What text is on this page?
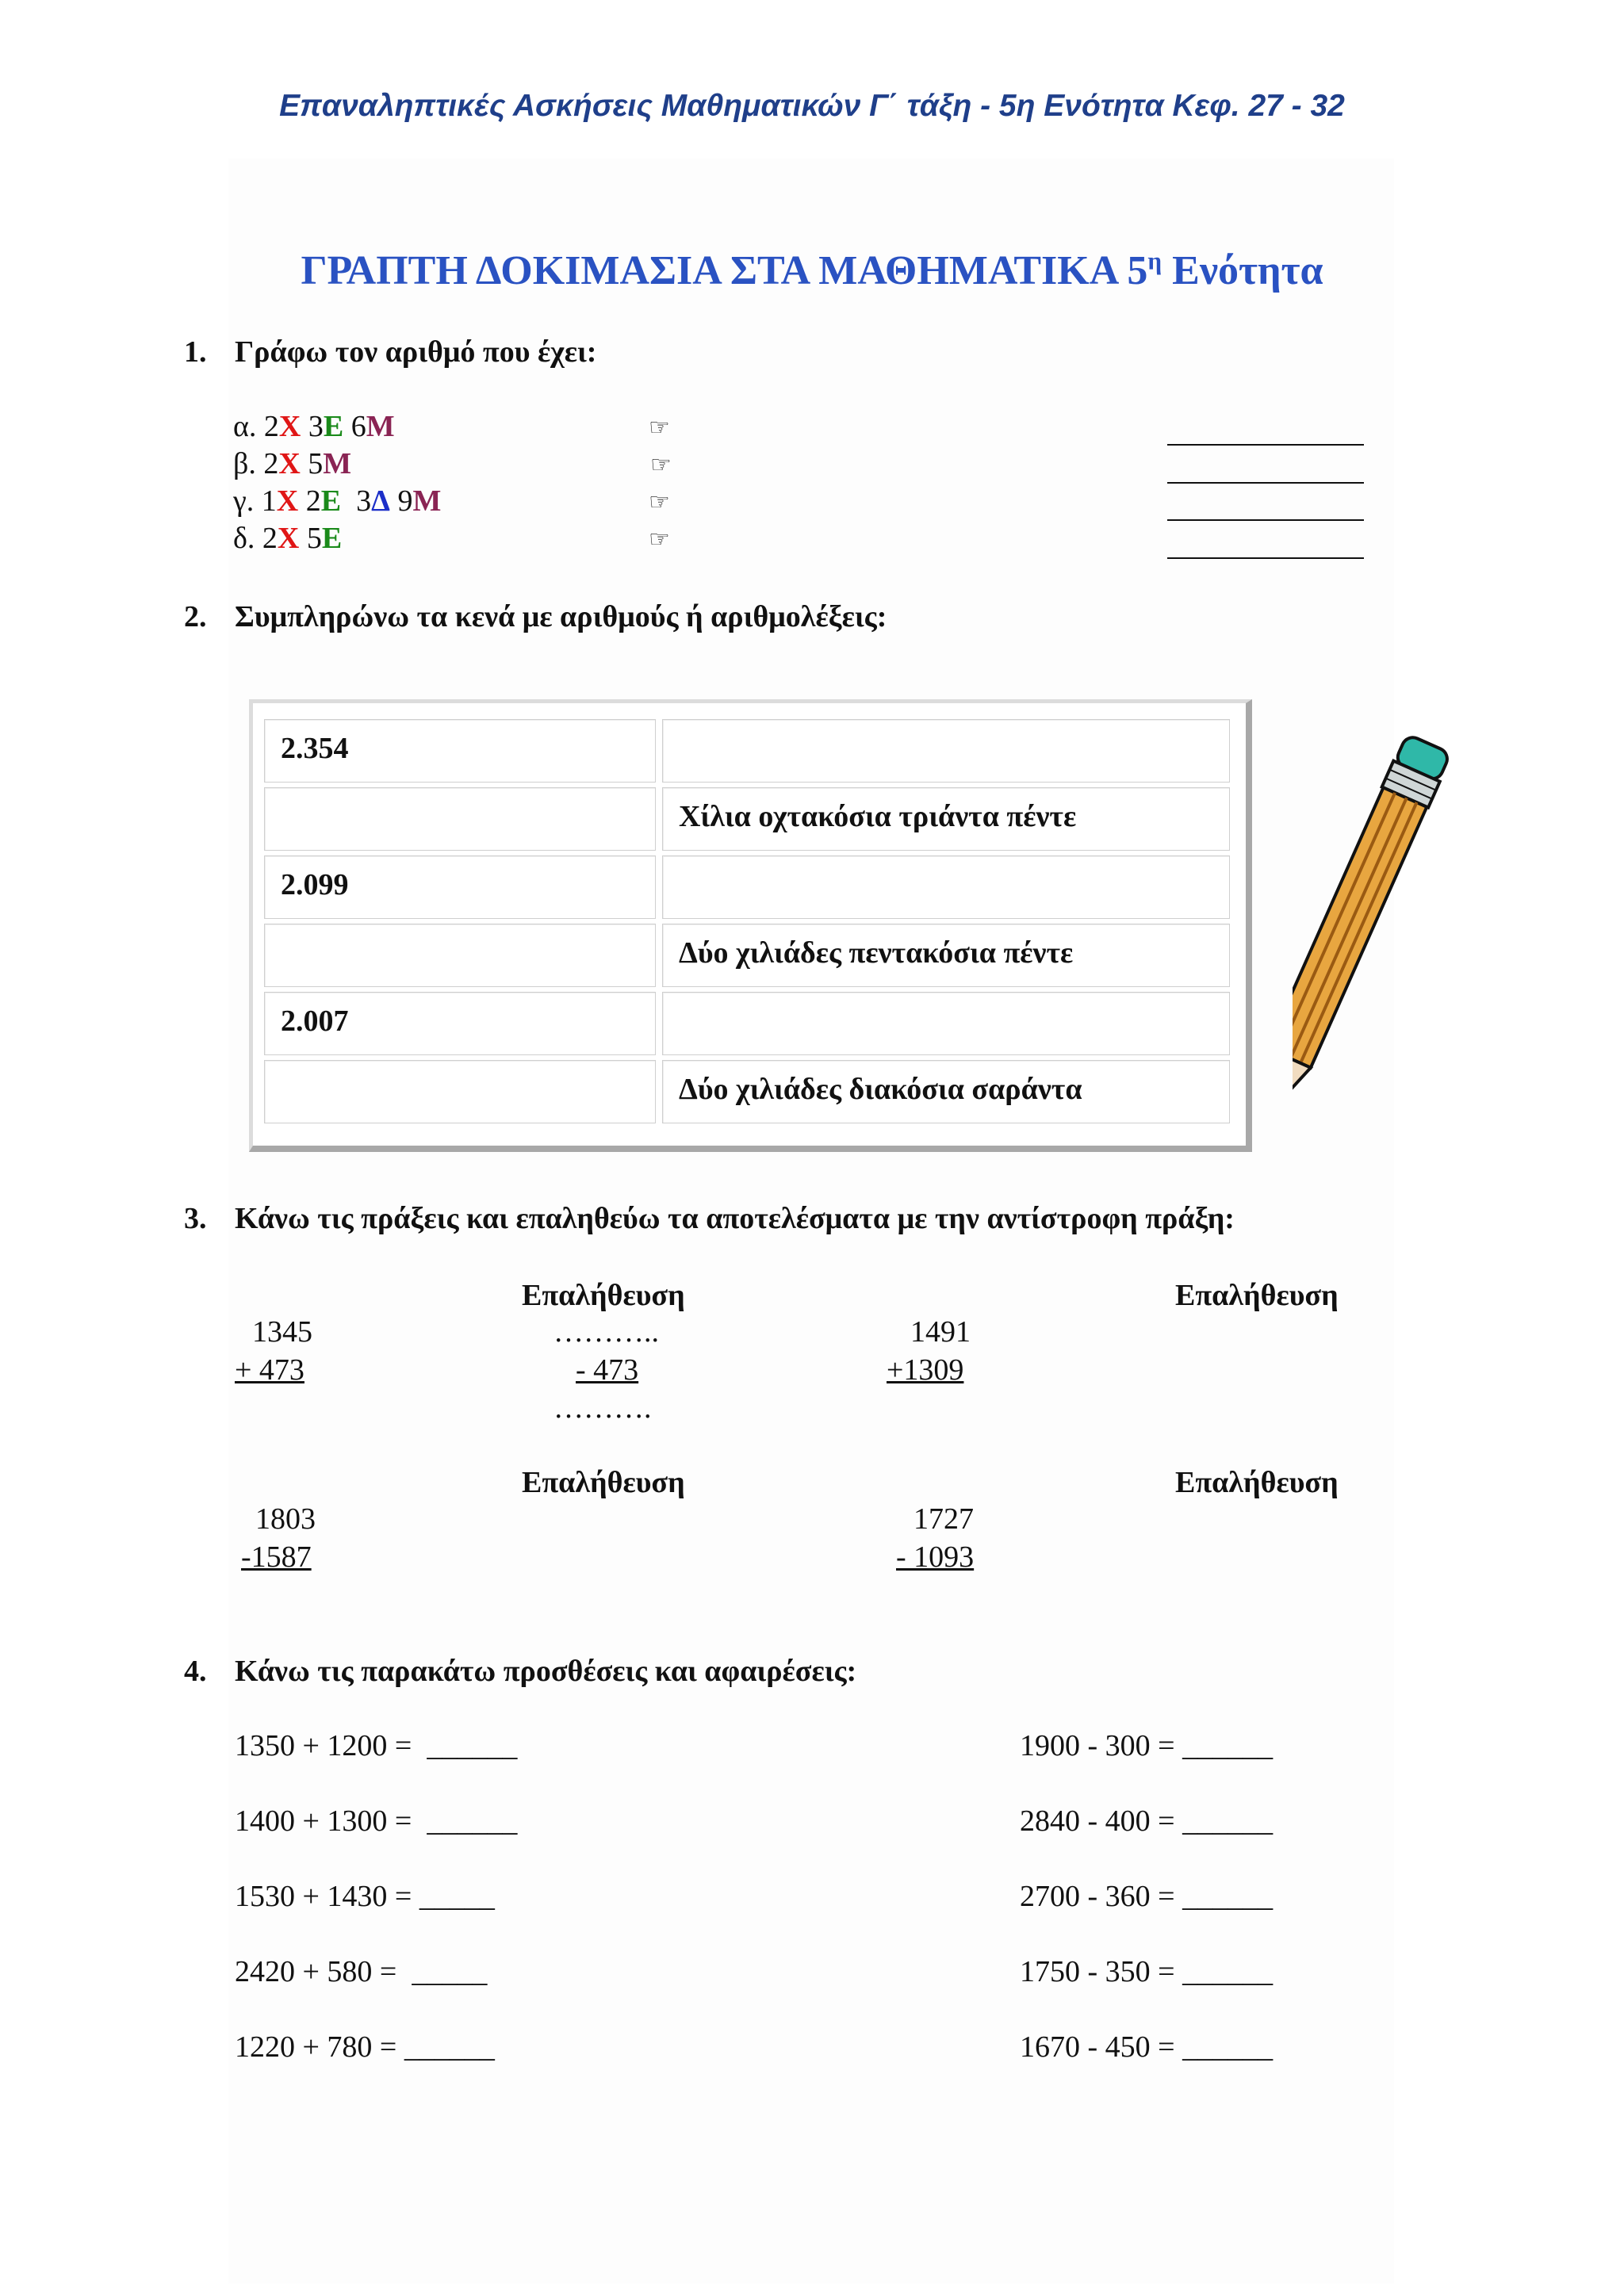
Επαναληπτικές Ασκήσεις Μαθηματικών Γ΄ τάξη - 5η Ενότητα Κεφ. 27 - 32
ΓΡΑΠΤΗ ΔΟΚΙΜΑΣΙΑ ΣΤΑ ΜΑΘΗΜΑΤΙΚΑ $5^\eta$ Ενότητα
1. Γράφω τον αριθμό που έχει:
α. 2Χ 3Ε 6Μ
β. 2Χ 5Μ
γ. 1Χ 2Ε 3Δ 9Μ
δ. 2Χ 5Ε
☞
☞
☞
☞
2. Συμπληρώνω τα κενά με αριθμούς ή αριθμολέξεις:
2.354
Χίλια οχτακόσια τριάντα πέντε
2.099
Δύο χιλιάδες πεντακόσια πέντε
2.007
Δύο χιλιάδες διακόσια σαράντα
3. Κάνω τις πράξεις και επαληθεύω τα αποτελέσματα με την αντίστροφη πράξη:
Επαλήθευση	Επαλήθευση
1345
+ 473
………..
- 473
……….
1491
+1309
Επαλήθευση	Επαλήθευση
1803
-1587
1727
- 1093
4. Κάνω τις παρακάτω προσθέσεις και αφαιρέσεις:
1350 + 1200 = ______
1400 + 1300 = ______
1530 + 1430 = _____
2420 + 580 = _____
1220 + 780 = ______
1900 - 300 = ______
2840 - 400 = ______
2700 - 360 = ______
1750 - 350 = ______
1670 - 450 = ______
